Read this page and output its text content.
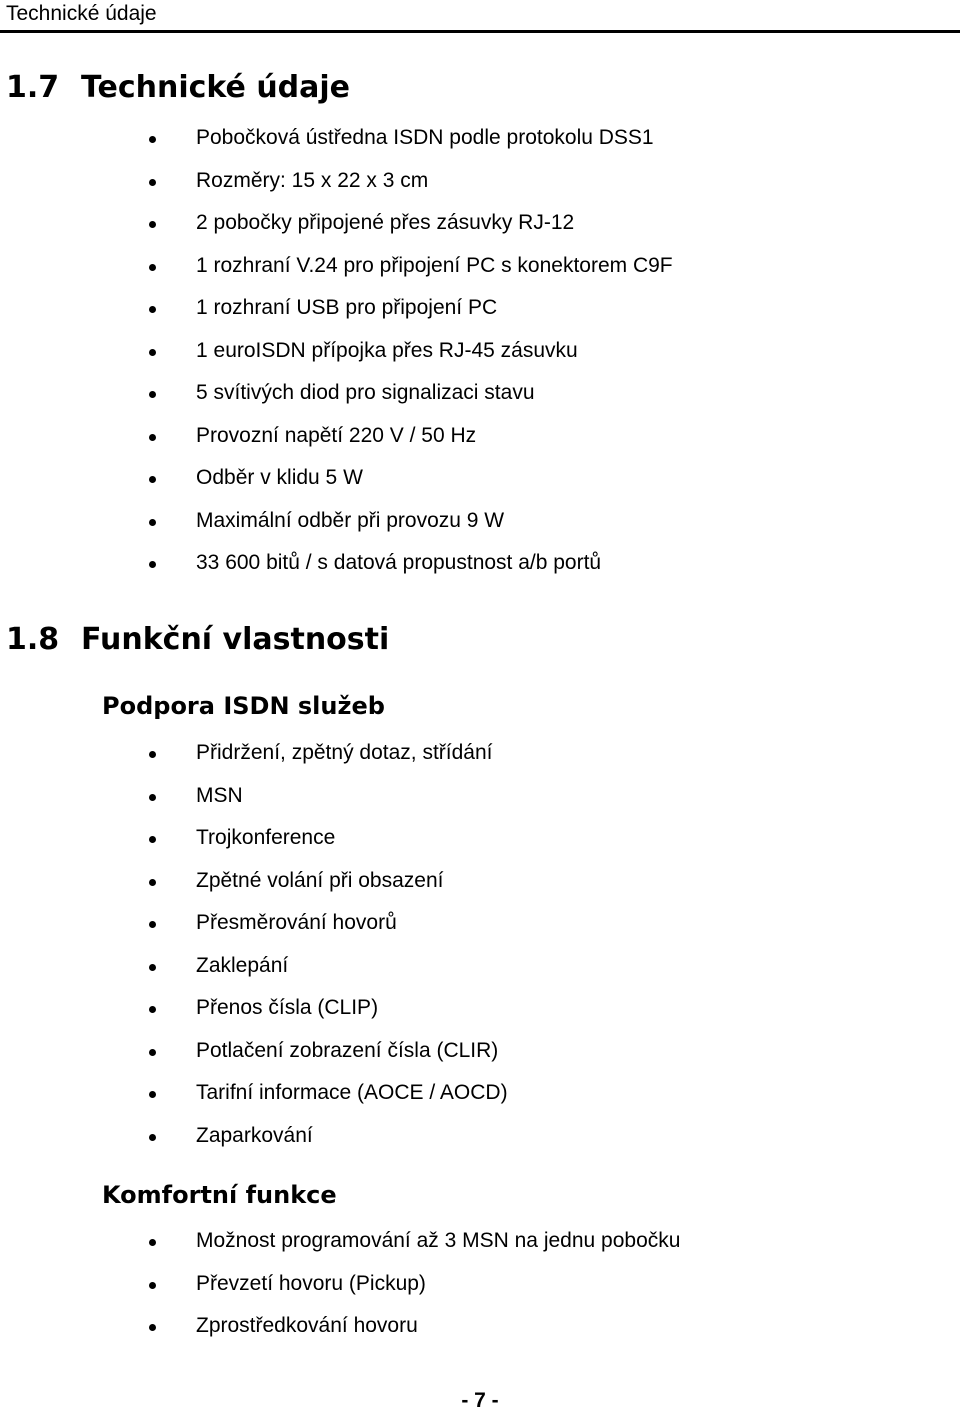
Technické údaje
1.7 Technické údaje
Pobočková ústředna ISDN podle protokolu DSS1
Rozměry: 15 x 22 x 3 cm
2 pobočky připojené přes zásuvky RJ-12
1 rozhraní V.24 pro připojení PC s konektorem C9F
1 rozhraní USB pro připojení PC
1 euroISDN přípojka přes RJ-45 zásuvku
5 svítivých diod pro signalizaci stavu
Provozní napětí 220 V / 50 Hz
Odběr v klidu 5 W
Maximální odběr při provozu 9 W
33 600 bitů / s datová propustnost a/b portů
1.8 Funkční vlastnosti
Podpora ISDN služeb
Přidržení, zpětný dotaz, střídání
MSN
Trojkonference
Zpětné volání při obsazení
Přesměrování hovorů
Zaklepání
Přenos čísla (CLIP)
Potlačení zobrazení čísla (CLIR)
Tarifní informace (AOCE / AOCD)
Zaparkování
Komfortní funkce
Možnost programování až 3 MSN na jednu pobočku
Převzetí hovoru (Pickup)
Zprostředkování hovoru
- 7 -
